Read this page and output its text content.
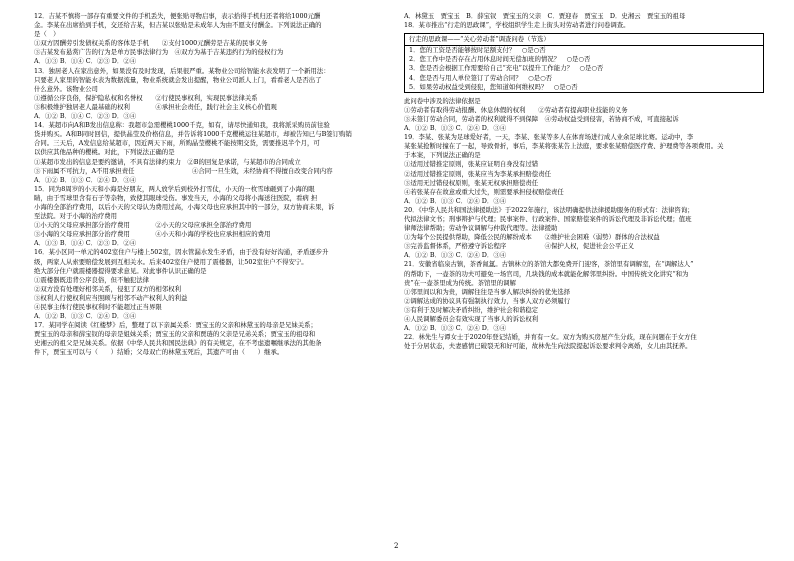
12．吉某不慎将一部存有重要文件的手机丢失，便张贴寻物启事，表示拾得手机归还者将给1000元酬
金。李某在出席拾到手机，交还给吉某，但吉某以张贴是未成年人为由不愿支付酬金。下列说法正确的
是（　）
①双方因酬劳引发债权关系的客体是手机　　②支付1000元酬劳是吉某的民事义务
③吉某发布悬赏广告的行为是单方民事法律行为　④双方为基于吉某违约行为的侵权行为
A．①③ B．①④ C．②③ D．②④
13．独居老人在家出意外，如果没有及时发现，后果很严重。某物业公司给智能水表发明了一个新用法：
只要老人家里的智能水表为数据流量，物业系统就会发出提醒，物业公司派人上门，看看老人是否出了
什么意外。该物业公司
①遵循公序良俗，保护隐私权和名誉权　　②行使民事权利，实现民事法律关系
③积极维护独居老人最基础的权利　　　　④承担社会责任，践行社会主义核心价值观
A．①② B．①④ C．②③ D．③④
14．某超市向A和B发出信息称：我超市急需樱桃1000千克，如有，请尽快通知我，我将派采购员前往验
货并购买。A和B同时回信，提供晶莹及价格信息，并告诉将1000千克樱桃运往某超市，却被告知已与B签订购销
合同。三天后，A发信息给某超市，因近两天下雨，所购晶莹樱桃不能按期交货，需要推迟半个月，可
以供应其他品种的樱桃。对此，下列说法正确的是
①某超市发出的信息是要约邀请，不具有法律约束力　②B的回复是承诺，与某超市的合同成立
③下雨属不可抗力，A不用承担责任　　　　　　　　　④合同一旦生效，未经协商不得擅自改变合同内容
A．①② B．①③ C．②④ D．③④
15．同为8周岁的小天和小海是好朋友，两人放学后到校外打雪仗，小天的一枚雪球砸到了小海的眼
睛，由于雪球里含有石子等杂物，致使其眼球受伤。事发当天，小海的父母将小海送往医院，看病 担
小海的全部治疗费用，以后小天的父母认为费用过高，小海父母也应承担其中的一部分，双方协商未果，诉
至法院。对于小海的治疗费用
①小天的父母应承担部分治疗费用　　　　②小天的父母应承担全部治疗费用
③小海的父母应承担部分治疗费用　　　　④小天和小海的学校也应承担相应的费用
A．①③ B．①④ C．②③ D．②④
16．某小区同一单元的402室住户与楼上502室，因水管漏水发生矛盾，由于没有好好沟通，矛盾逐步升
级，两家人从索要赔偿发展到互相关水。后来402室住户使用了震楼器，让502室住户不得安宁。
绝大部分住户就震楼器提得要求意见。对此事件认识正确的是
①震楼器既违背公序良俗，但不触犯法律
②双方没有处理好相邻关系，侵犯了双方的相邻权利
③权利人行使权利应当照顾与相邻不动产权利人的利益
④民事主体行使民事权利时不能超过正当界限
A．①② B．①③ C．②④ D．③④
17．某同学在阅读《红楼梦》后，整理了以下亲属关系：贾宝玉的父亲和林黛玉的母亲是兄妹关系；
贾宝玉的母亲和薛宝钗的母亲是姐妹关系；贾宝玉的父亲和贾琏的父亲是兄弟关系；贾宝玉的祖母和
史湘云的祖父是兄妹关系。依据《中华人民共和国民法典》的有关规定，在不考虑遗嘱继承法的其他条
件下，贾宝玉可以与（　　）结婚；父母双亡的林黛玉死后，其遗产可由（　　）继承。
A．林黛玉　贾宝玉　B．薛宝钗　贾宝玉的父亲　C．贾迎春　贾宝玉　D．史湘云　贾宝玉的祖母
18．某市推出“行走的思政课”，学校组织学生走上街头对劳动者进行问卷调查。
行走的思政课——“关心劳动者”调查问卷（节选）
1．您的工资是否能够按时足额支付？　○是○否
2．您工作中是否存在占用休息时间无偿加班的情况？　○是○否
3．您是否会根据工作需要给自己“充电”以提升工作能力？　○是○否
4．您是否与用人单位签订了劳动合同？　○是○否
5．如果劳动权益受到侵犯，您知道如何维权吗？　○是○否
此问卷中涉及的法律依据是
①劳动者有取得劳动报酬、休息休假的权利　　②劳动者有提高职业技能的义务
③未签订劳动合同，劳动者的权利就得不到保障　④劳动权益受到侵害，若协商不成，可直接起诉
A．①② B．①③ C．②④ D．③④
19．李某、张某为足球爱好者，一天，李某、张某等多人在体育场进行成人业余足球比赛。运动中，李
某张某抢断时撞在了一起，导致骨折，事后，李某将张某告上法庭，要求张某赔偿医疗费、护理费等各项费用。关
于本案，下列说法正确的是
①适用过错推定原则，张某应证明自身没有过错
②适用过错推定原则，张某应当为李某承担赔偿责任
③适用无过错侵权原则，张某无权承担赔偿责任
④若张某存在故意或重大过失，则需要承担侵权赔偿责任
A．①② B．①③ C．②④ D．③④
20．《中华人民共和国法律援助法》于2022年施行，该法明确提供法律援助服务的形式有：法律咨询；
代拟法律文书；刑事辩护与代理；民事案件、行政案件、国家赔偿案件的诉讼代理及非诉讼代理；值班
律师法律帮助；劳动争议调解与仲裁代理等。法律援助
①为每个公民提供帮助，降低公民的解纷成本　　②维护社会困难（弱势）群体的合法权益
③完善监督体系，严格遵守诉讼程序　　　　　　④保护人权，促进社会公平正义
A．①② B．①③ C．②④ D．③④
21．安徽省临泉古镇，茶香氤氲。古镇林立的茶馆大都免费开门迎客，茶馆里有调解室，在“调解达人”
的帮助下，一壶茶的功夫可避免一场官司，几块钱的成本就能化解邻里纠纷。中国传统文化讲究“和为
贵”在一壶茶里成为传统。茶馆里的调解
①邻里间以和为贵，调解往往是当事人解决纠纷的优先选择
②调解达成的协议具有强制执行效力，当事人双方必须履行
③有利于及时解决矛盾纠纷，维护社会和谐稳定
④人民调解委员会有效实现了当事人的诉讼权利
A．①② B．①③ C．②④ D．③④
22．林先生与谭女士于2020年登记结婚，并育有一女。双方为购买房屋产生分歧，现在问题在于女方住
处于分居状态，夫妻感情已破裂无和好可能，故林先生向法院提起诉讼要求判令离婚，女儿由其抚养。
2
